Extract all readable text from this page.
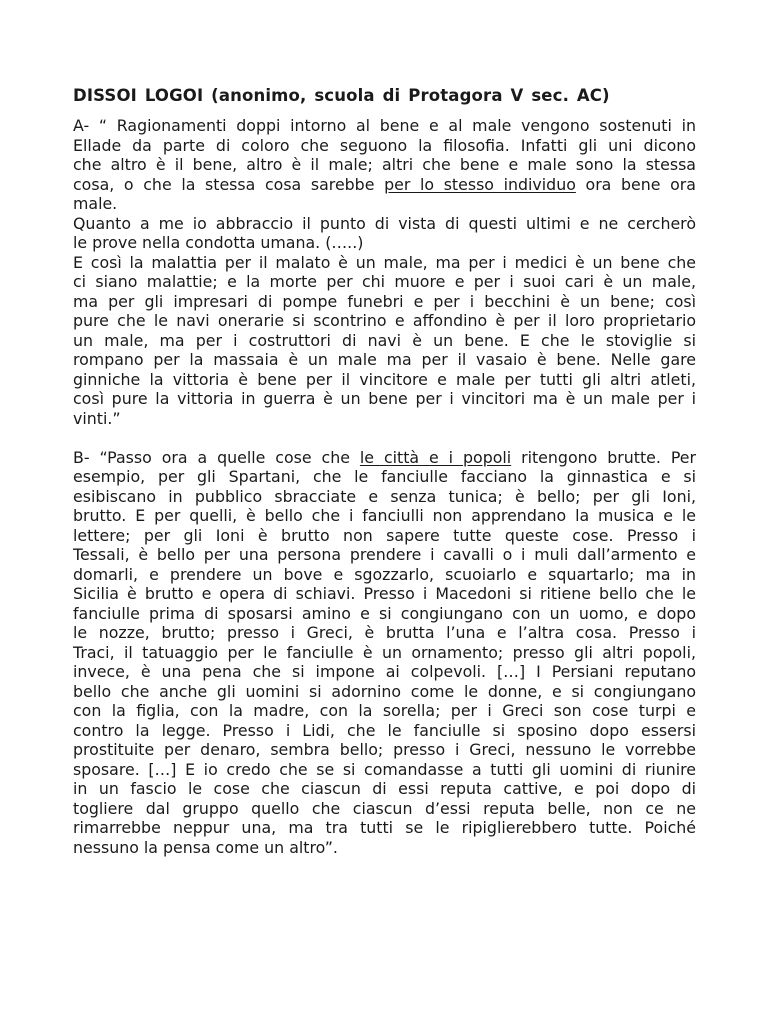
DISSOI LOGOI (anonimo, scuola di Protagora V sec. AC)
A- “ Ragionamenti doppi intorno al bene e al male vengono sostenuti in
Ellade da parte di coloro che seguono la filosofia. Infatti gli uni dicono
che altro è il bene, altro è il male; altri che bene e male sono la stessa
cosa, o che la stessa cosa sarebbe per lo stesso individuo ora bene ora
male.
Quanto a me io abbraccio il punto di vista di questi ultimi e ne cercherò
le prove nella condotta umana. (…..)
E così la malattia per il malato è un male, ma per i medici è un bene che
ci siano malattie; e la morte per chi muore e per i suoi cari è un male,
ma per gli impresari di pompe funebri e per i becchini è un bene; così
pure che le navi onerarie si scontrino e affondino è per il loro proprietario
un male, ma per i costruttori di navi è un bene. E che le stoviglie si
rompano per la massaia è un male ma per il vasaio è bene. Nelle gare
ginniche la vittoria è bene per il vincitore e male per tutti gli altri atleti,
così pure la vittoria in guerra è un bene per i vincitori ma è un male per i
vinti.”
B- “Passo ora a quelle cose che le città e i popoli ritengono brutte. Per
esempio, per gli Spartani, che le fanciulle facciano la ginnastica e si
esibiscano in pubblico sbracciate e senza tunica; è bello; per gli Ioni,
brutto. E per quelli, è bello che i fanciulli non apprendano la musica e le
lettere; per gli Ioni è brutto non sapere tutte queste cose. Presso i
Tessali, è bello per una persona prendere i cavalli o i muli dall’armento e
domarli, e prendere un bove e sgozzarlo, scuoiarlo e squartarlo; ma in
Sicilia è brutto e opera di schiavi. Presso i Macedoni si ritiene bello che le
fanciulle prima di sposarsi amino e si congiungano con un uomo, e dopo
le nozze, brutto; presso i Greci, è brutta l’una e l’altra cosa. Presso i
Traci, il tatuaggio per le fanciulle è un ornamento; presso gli altri popoli,
invece, è una pena che si impone ai colpevoli. […] I Persiani reputano
bello che anche gli uomini si adornino come le donne, e si congiungano
con la figlia, con la madre, con la sorella; per i Greci son cose turpi e
contro la legge. Presso i Lidi, che le fanciulle si sposino dopo essersi
prostituite per denaro, sembra bello; presso i Greci, nessuno le vorrebbe
sposare. […] E io credo che se si comandasse a tutti gli uomini di riunire
in un fascio le cose che ciascun di essi reputa cattive, e poi dopo di
togliere dal gruppo quello che ciascun d’essi reputa belle, non ce ne
rimarrebbe neppur una, ma tra tutti se le ripiglierebbero tutte. Poiché
nessuno la pensa come un altro”.
